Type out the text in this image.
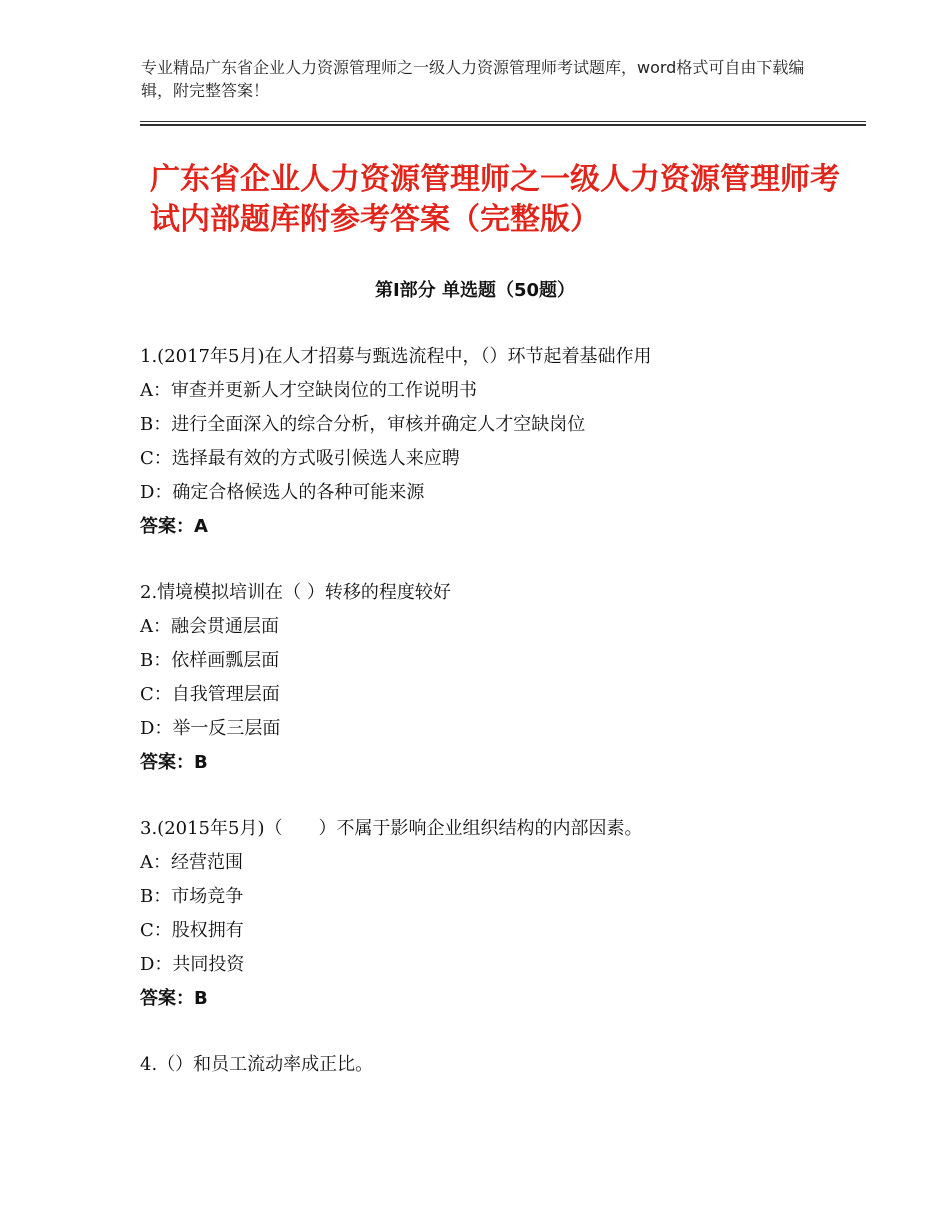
专业精品广东省企业人力资源管理师之一级人力资源管理师考试题库，word格式可自由下载编辑，附完整答案！
广东省企业人力资源管理师之一级人力资源管理师考试内部题库附参考答案（完整版）
第Ⅰ部分 单选题（50题）
1.(2017年5月)在人才招募与甄选流程中，（）环节起着基础作用
A：审查并更新人才空缺岗位的工作说明书
B：进行全面深入的综合分析，审核并确定人才空缺岗位
C：选择最有效的方式吸引候选人来应聘
D：确定合格候选人的各种可能来源
答案：A
2.情境模拟培训在（ ）转移的程度较好
A：融会贯通层面
B：依样画瓢层面
C：自我管理层面
D：举一反三层面
答案：B
3.(2015年5月)（　　）不属于影响企业组织结构的内部因素。
A：经营范围
B：市场竞争
C：股权拥有
D：共同投资
答案：B
4.（）和员工流动率成正比。
